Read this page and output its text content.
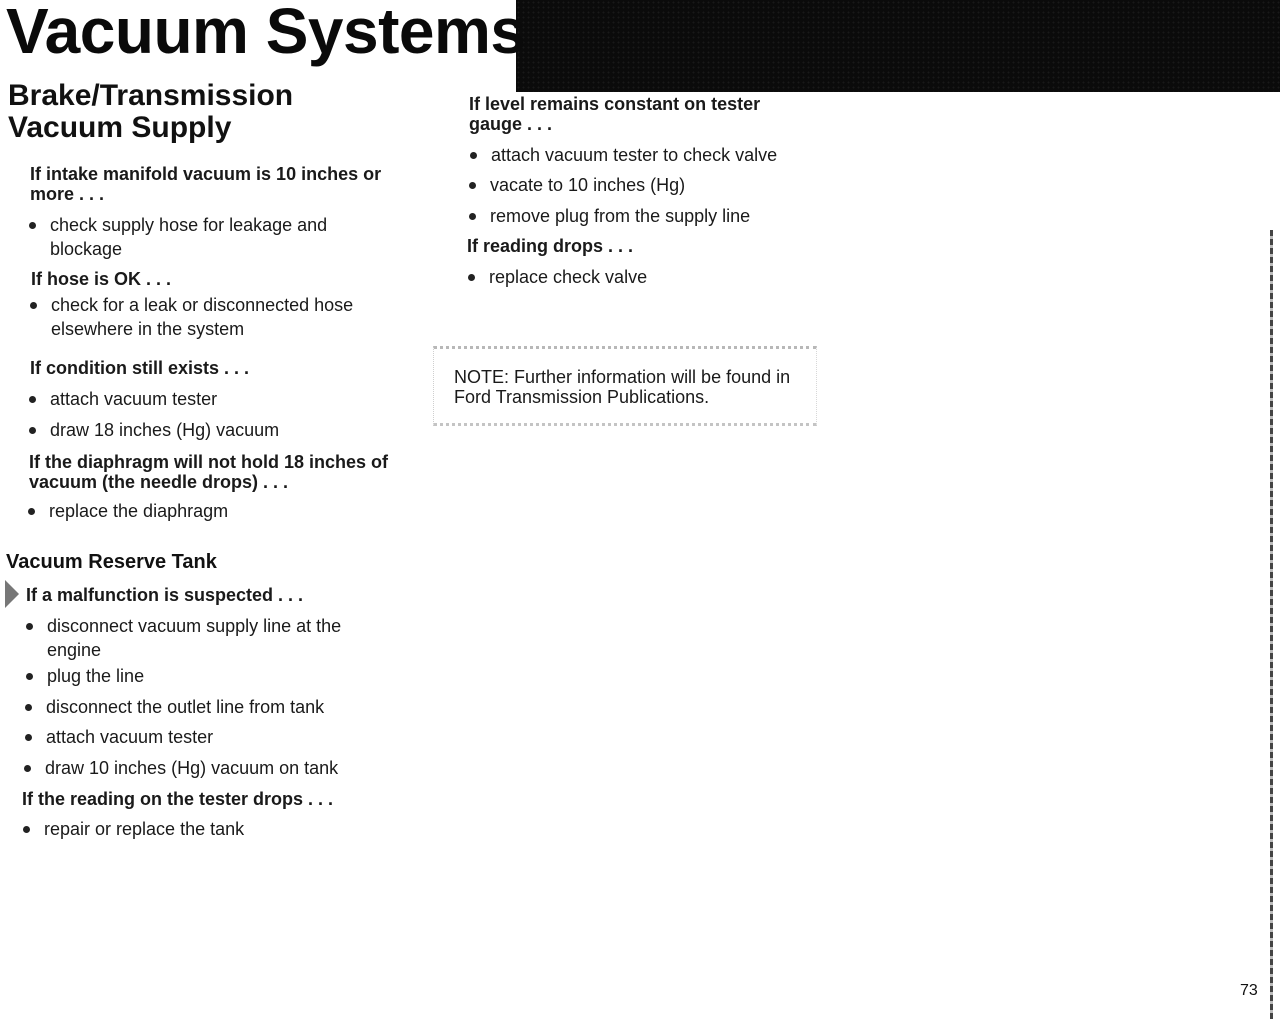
Vacuum Systems
Brake/Transmission
Vacuum Supply

If intake manifold vacuum is 10 inches or
more . . .

check supply hose for leakage and
blockage

If hose is OK . . .

check for a leak or disconnected hose
elsewhere in the system

If condition still exists . . .

attach vacuum tester

draw 18 inches (Hg) vacuum

If the diaphragm will not hold 18 inches of
vacuum (the needle drops) . . .

replace the diaphragm

Vacuum Reserve Tank

If a malfunction is suspected . . .

disconnect vacuum supply line at the
engine

plug the line

disconnect the outlet line from tank

attach vacuum tester

draw 10 inches (Hg) vacuum on tank

If the reading on the tester drops . . .

repair or replace the tank

If level remains constant on tester
gauge . . .

attach vacuum tester to check valve

vacate to 10 inches (Hg)

remove plug from the supply line

If reading drops . . .

replace check valve

NOTE: Further information will be found in
Ford Transmission Publications.

73
